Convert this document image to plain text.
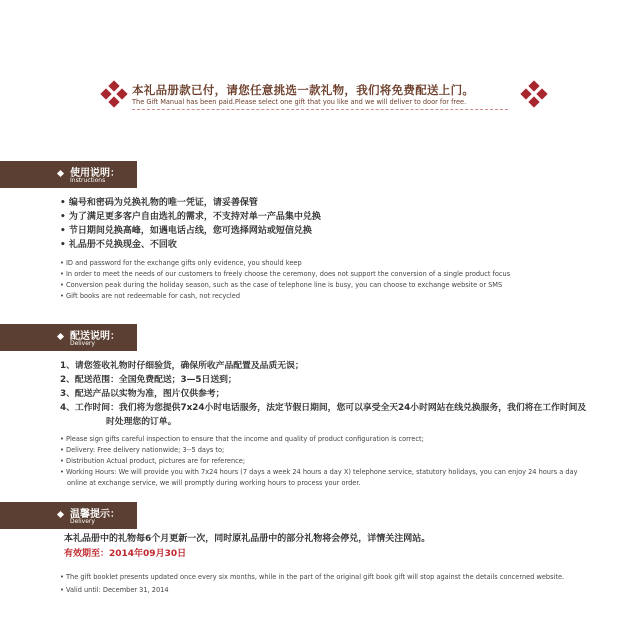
本礼品册款已付，请您任意挑选一款礼物，我们将免费配送上门。
The Gift Manual has been paid.Please select one gift that you like and we will deliver to door for free.
使用说明：
Instructions
• 编号和密码为兑换礼物的唯一凭证，请妥善保管
• 为了满足更多客户自由选礼的需求，不支持对单一产品集中兑换
• 节日期间兑换高峰，如遇电话占线，您可选择网站或短信兑换
• 礼品册不兑换现金、不回收
• ID and password for the exchange gifts only evidence, you should keep
• In order to meet the needs of our customers to freely choose the ceremony, does not support the conversion of a single product focus
• Conversion peak during the holiday season, such as the case of telephone line is busy, you can choose to exchange website or SMS
• Gift books are not redeemable for cash, not recycled
配送说明：
Delivery
1、请您签收礼物时仔细验货，确保所收产品配置及品质无误；
2、配送范围：全国免费配送；3—5日送到；
3、配送产品以实物为准，图片仅供参考；
4、工作时间：我们将为您提供7x24小时电话服务，法定节假日期间，您可以享受全天24小时网站在线兑换服务，我们将在工作时间及时处理您的订单。
• Please sign gifts careful inspection to ensure that the income and quality of product configuration is correct;
• Delivery: Free delivery nationwide; 3--5 days to;
• Distribution Actual product, pictures are for reference;
• Working Hours: We will provide you with 7x24 hours (7 days a week 24 hours a day X) telephone service, statutory holidays, you can enjoy 24 hours a day online at exchange service, we will promptly during working hours to process your order.
温馨提示：
Delivery
本礼品册中的礼物每6个月更新一次，同时原礼品册中的部分礼物将会停兑，详情关注网站。
有效期至：2014年09月30日
• The gift booklet presents updated once every six months, while in the part of the original gift book gift will stop against the details concerned website.
• Valid until: December 31, 2014
